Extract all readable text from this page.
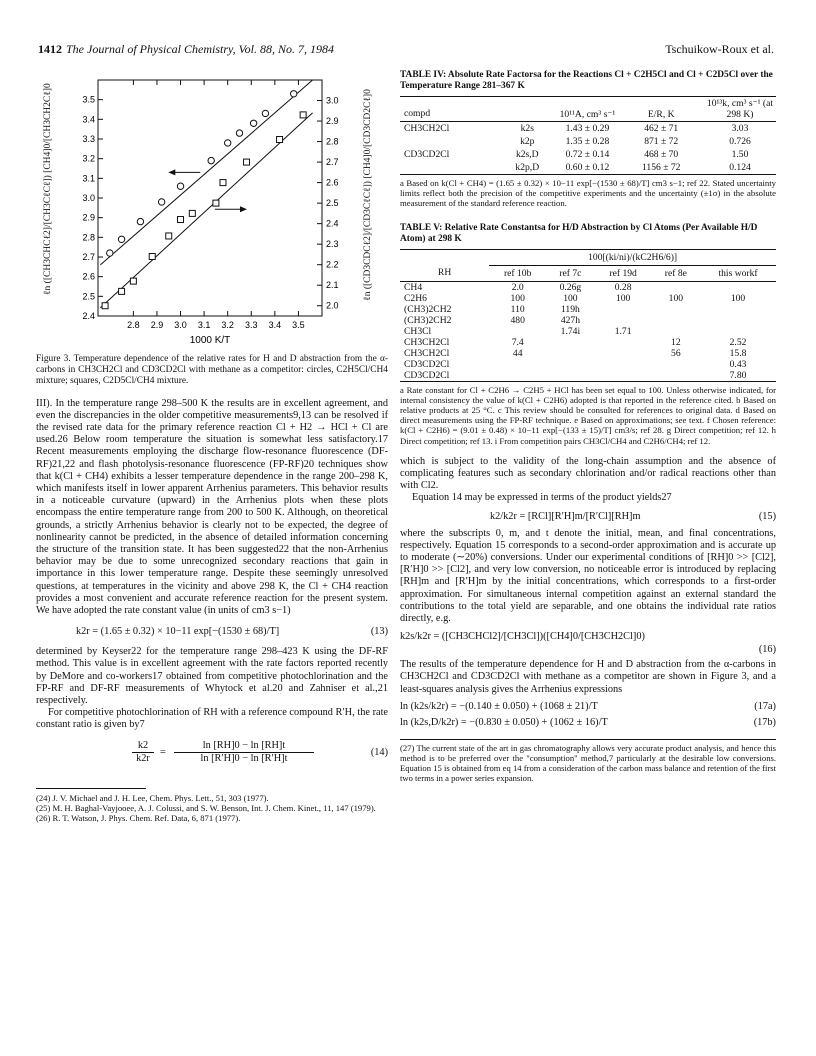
1412 The Journal of Physical Chemistry, Vol. 88, No. 7, 1984	Tschuikow-Roux et al.
2.8 2.9 3.0 3.1 3.2 3.3 3.4 3.5
2.4
2.5
2.6
2.7
2.8
2.9
3.0
3.1
3.2
3.3
3.4
3.5
2.0
2.1
2.2
2.3
2.4
2.5
2.6
2.7
2.8
2.9
3.0
1000 K/T
ℓn ([CH3CHCℓ2]/[CH3CℓCℓ]) [CH4]0/[CH3CH2Cℓ]0	ℓn ([CD3CDCℓ2]/[CD3CℓCℓ]) [CH4]0/[CD3CD2Cℓ]0

Figure 3. Temperature dependence of the relative rates for H and D abstraction from the α-carbons in CH3CH2Cl and CD3CD2Cl with methane as a competitor: circles, C2H5Cl/CH4 mixture; squares, C2D5Cl/CH4 mixture.

III). In the temperature range 298–500 K the results are in excellent agreement, and even the discrepancies in the older competitive measurements9,13 can be resolved if the revised rate data for the primary reference reaction Cl + H2 → HCl + Cl are used.26 Below room temperature the situation is somewhat less satisfactory.17 Recent measurements employing the discharge flow-resonance fluorescence (DF-RF)21,22 and flash photolysis-resonance fluorescence (FP-RF)20 techniques show that k(Cl + CH4) exhibits a lesser temperature dependence in the range 200–298 K, which manifests itself in lower apparent Arrhenius parameters. This behavior results in a noticeable curvature (upward) in the Arrhenius plots when these plots encompass the entire temperature range from 200 to 500 K. Although, on theoretical grounds, a strictly Arrhenius behavior is clearly not to be expected, the degree of nonlinearity cannot be predicted, in the absence of detailed information concerning the structure of the transition state. It has been suggested22 that the non-Arrhenius behavior may be due to some unrecognized secondary reactions that gain in importance in this lower temperature range. Despite these seemingly unresolved questions, at temperatures in the vicinity and above 298 K, the Cl + CH4 reaction provides a most convenient and accurate reference reaction for the present system. We have adopted the rate constant value (in units of cm3 s−1)

k2r = (1.65 ± 0.32) × 10−11 exp[−(1530 ± 68)/T]	(13)

determined by Keyser22 for the temperature range 298–423 K using the DF-RF method. This value is in excellent agreement with the rate factors reported recently by DeMore and co-workers17 obtained from competitive photochlorination and the FP-RF and DF-RF measurements of Whytock et al.20 and Zahniser et al.,21 respectively.

For competitive photochlorination of RH with a reference compound R′H, the rate constant ratio is given by7

$\frac{k2}{k2r} = \frac{\ln [RH]0 - \ln [RH]t}{\ln [R'H]0 - \ln [R'H]t}$	(14)

(24) J. V. Michael and J. H. Lee, Chem. Phys. Lett., 51, 303 (1977).

(25) M. H. Baghal-Vayjooee, A. J. Colussi, and S. W. Benson, Int. J. Chem. Kinet., 11, 147 (1979).

(26) R. T. Watson, J. Phys. Chem. Ref. Data, 6, 871 (1977).

TABLE IV: Absolute Rate Factorsa for the Reactions Cl + C2H5Cl and Cl + C2D5Cl over the Temperature Range 281–367 K

compd		10¹¹A, cm³ s⁻¹	E/R, K	10¹³k, cm³ s⁻¹ (at 298 K)
CH3CH2Cl	k2s	1.43 ± 0.29	462 ± 71	3.03
	k2p	1.35 ± 0.28	871 ± 72	0.726
CD3CD2Cl	k2s,D	0.72 ± 0.14	468 ± 70	1.50
	k2p,D	0.60 ± 0.12	1156 ± 72	0.124

a Based on k(Cl + CH4) = (1.65 ± 0.32) × 10−11 exp[−(1530 ± 68)/T] cm3 s−1; ref 22. Stated uncertainty limits reflect both the precision of the competitive experiments and the uncertainty (±1σ) in the absolute measurement of the standard reference reaction.

TABLE V: Relative Rate Constantsa for H/D Abstraction by Cl Atoms (Per Available H/D Atom) at 298 K

	100[(ki/ni)/(kC2H6/6)]				
RH	ref 10b	ref 7c	ref 19d	ref 8e	this workf
CH4	2.0	0.26g	0.28		
C2H6	100	100	100	100	100
(CH3)2CH2	110	119h			
(CH3)2CH2	480	427h			
CH3Cl		1.74i	1.71		
CH3CH2Cl	7.4			12	2.52
CH3CH2Cl	44			56	15.8
CD3CD2Cl					0.43
CD3CD2Cl					7.80

a Rate constant for Cl + C2H6 → C2H5 + HCl has been set equal to 100. Unless otherwise indicated, for internal consistency the value of k(Cl + C2H6) adopted is that reported in the reference cited. b Based on relative products at 25 °C. c This review should be consulted for references to original data. d Based on direct measurements using the FP-RF technique. e Based on approximations; see text. f Chosen reference: k(Cl + C2H6) = (9.01 ± 0.48) × 10−11 exp[−(133 ± 15)/T] cm3/s; ref 28. g Direct competition; ref 12. h Direct competition; ref 13. i From competition pairs CH3Cl/CH4 and C2H6/CH4; ref 12.

which is subject to the validity of the long-chain assumption and the absence of complicating features such as secondary chlorination and/or radical reactions other than with Cl2.

Equation 14 may be expressed in terms of the product yields27

k2/k2r = [RCl][R′H]m/[R′Cl][RH]m	(15)

where the subscripts 0, m, and t denote the initial, mean, and final concentrations, respectively. Equation 15 corresponds to a second-order approximation and is accurate up to moderate (∼20%) conversions. Under our experimental conditions of [RH]0 >> [Cl2], [R′H]0 >> [Cl2], and very low conversion, no noticeable error is introduced by replacing [RH]m and [R′H]m by the initial concentrations, which corresponds to a first-order approximation. For simultaneous internal competition against an external standard the contributions to the total yield are separable, and one obtains the individual rate ratios directly, e.g.

k2s/k2r = ([CH3CHCl2]/[CH3Cl])([CH4]0/[CH3CH2Cl]0)
(16)

The results of the temperature dependence for H and D abstraction from the α-carbons in CH3CH2Cl and CD3CD2Cl with methane as a competitor are shown in Figure 3, and a least-squares analysis gives the Arrhenius expressions

ln (k2s/k2r) = −(0.140 ± 0.050) + (1068 ± 21)/T	(17a)
ln (k2s,D/k2r) = −(0.830 ± 0.050) + (1062 ± 16)/T	(17b)

(27) The current state of the art in gas chromatography allows very accurate product analysis, and hence this method is to be preferred over the "consumption" method,7 particularly at the desirable low conversions. Equation 15 is obtained from eq 14 from a consideration of the carbon mass balance and retention of the first two terms in a power series expansion.
